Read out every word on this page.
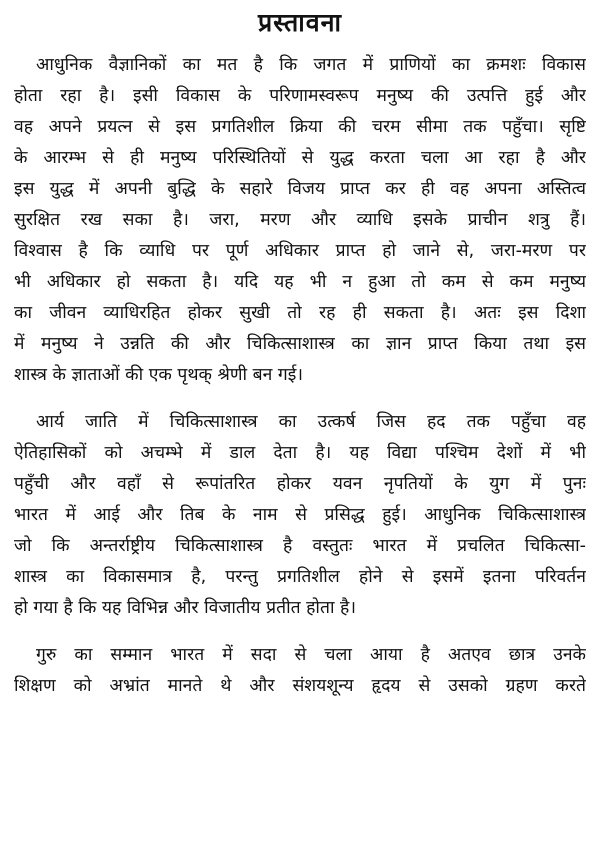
प्रस्तावना
आधुनिक वैज्ञानिकों का मत है कि जगत में प्राणियों का क्रमशः विकास
होता रहा है। इसी विकास के परिणामस्वरूप मनुष्य की उत्पत्ति हुई और
वह अपने प्रयत्न से इस प्रगतिशील क्रिया की चरम सीमा तक पहुँचा। सृष्टि
के आरम्भ से ही मनुष्य परिस्थितियों से युद्ध करता चला आ रहा है और
इस युद्ध में अपनी बुद्धि के सहारे विजय प्राप्त कर ही वह अपना अस्तित्व
सुरक्षित रख सका है। जरा, मरण और व्याधि इसके प्राचीन शत्रु हैं।
विश्वास है कि व्याधि पर पूर्ण अधिकार प्राप्त हो जाने से, जरा-मरण पर
भी अधिकार हो सकता है। यदि यह भी न हुआ तो कम से कम मनुष्य
का जीवन व्याधिरहित होकर सुखी तो रह ही सकता है। अतः इस दिशा
में मनुष्य ने उन्नति की और चिकित्साशास्त्र का ज्ञान प्राप्त किया तथा इस
शास्त्र के ज्ञाताओं की एक पृथक् श्रेणी बन गई।
आर्य जाति में चिकित्साशास्त्र का उत्कर्ष जिस हद तक पहुँचा वह
ऐतिहासिकों को अचम्भे में डाल देता है। यह विद्या पश्चिम देशों में भी
पहुँची और वहाँ से रूपांतरित होकर यवन नृपतियों के युग में पुनः
भारत में आई और तिब के नाम से प्रसिद्ध हुई। आधुनिक चिकित्साशास्त्र
जो कि अन्तर्राष्ट्रीय चिकित्साशास्त्र है वस्तुतः भारत में प्रचलित चिकित्सा-
शास्त्र का विकासमात्र है, परन्तु प्रगतिशील होने से इसमें इतना परिवर्तन
हो गया है कि यह विभिन्न और विजातीय प्रतीत होता है।
गुरु का सम्मान भारत में सदा से चला आया है अतएव छात्र उनके
शिक्षण को अभ्रांत मानते थे और संशयशून्य हृदय से उसको ग्रहण करते
